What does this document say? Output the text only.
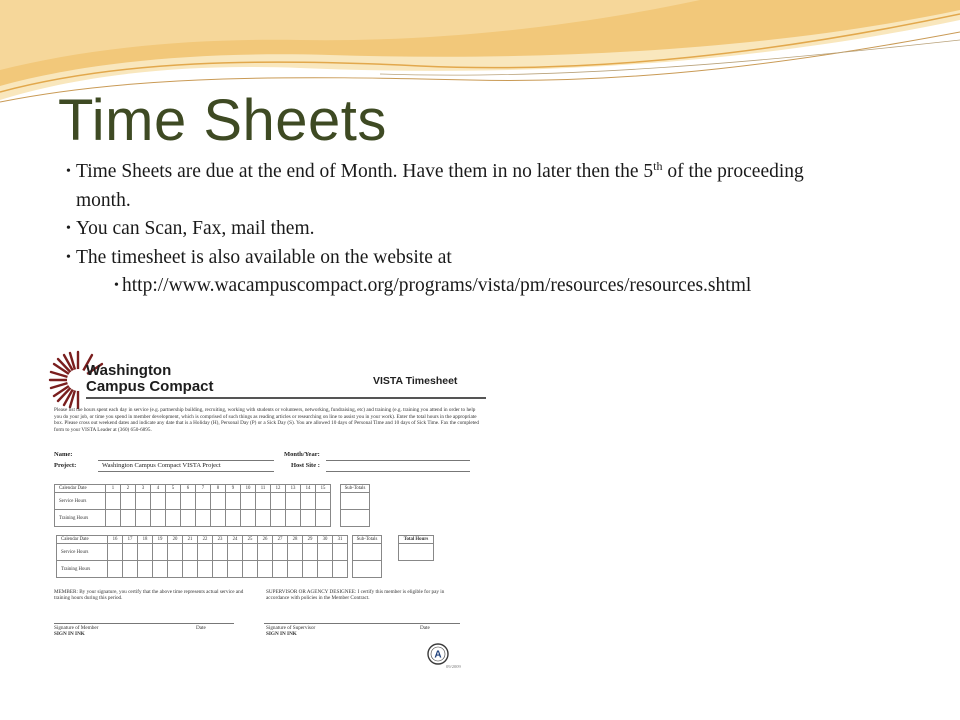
Time Sheets
• Time Sheets are due at the end of Month. Have them in no later then the 5th of the proceeding month.
• You can Scan, Fax, mail them.
• The timesheet is also available on the website at
• http://www.wacampuscompact.org/programs/vista/pm/resources/resources.shtml
Washington
Campus Compact	VISTA Timesheet
Please list the hours spent each day in service (e.g. partnership building, recruiting, working with students or volunteers, networking, fundraising, etc) and training (e.g. training you attend in order to help you do your job, or time you spend in member development, which is comprised of such things as reading articles or researching on line to assist you in your work). Enter the total hours in the appropriate box. Please cross out weekend dates and indicate any date that is a Holiday (H), Personal Day (P) or a Sick Day (S). You are allowed 10 days of Personal Time and 10 days of Sick Time. Fax the completed form to your VISTA Leader at (360) 650-6895.
Name:	Month/Year:
Project:	Washington Campus Compact VISTA Project	Host Site :
Calendar Date	1	2	3	4	5	6	7	8	9	10	11	12	13	14	15
Service Hours															
Training Hours															
Sub-Totals

Calendar Date	16	17	18	19	20	21	22	23	24	25	26	27	28	29	30	31
Service Hours																
Training Hours																
Sub-Totals	Total Hours

MEMBER: By your signature, you certify that the above time represents actual service and training hours during this period.
SUPERVISOR OR AGENCY DESIGNEE: I certify this member is eligible for pay in accordance with policies in the Member Contract.
Signature of Member
SIGN IN INK
Date	Signature of Supervisor
SIGN IN INK
Date
A
09/2009
